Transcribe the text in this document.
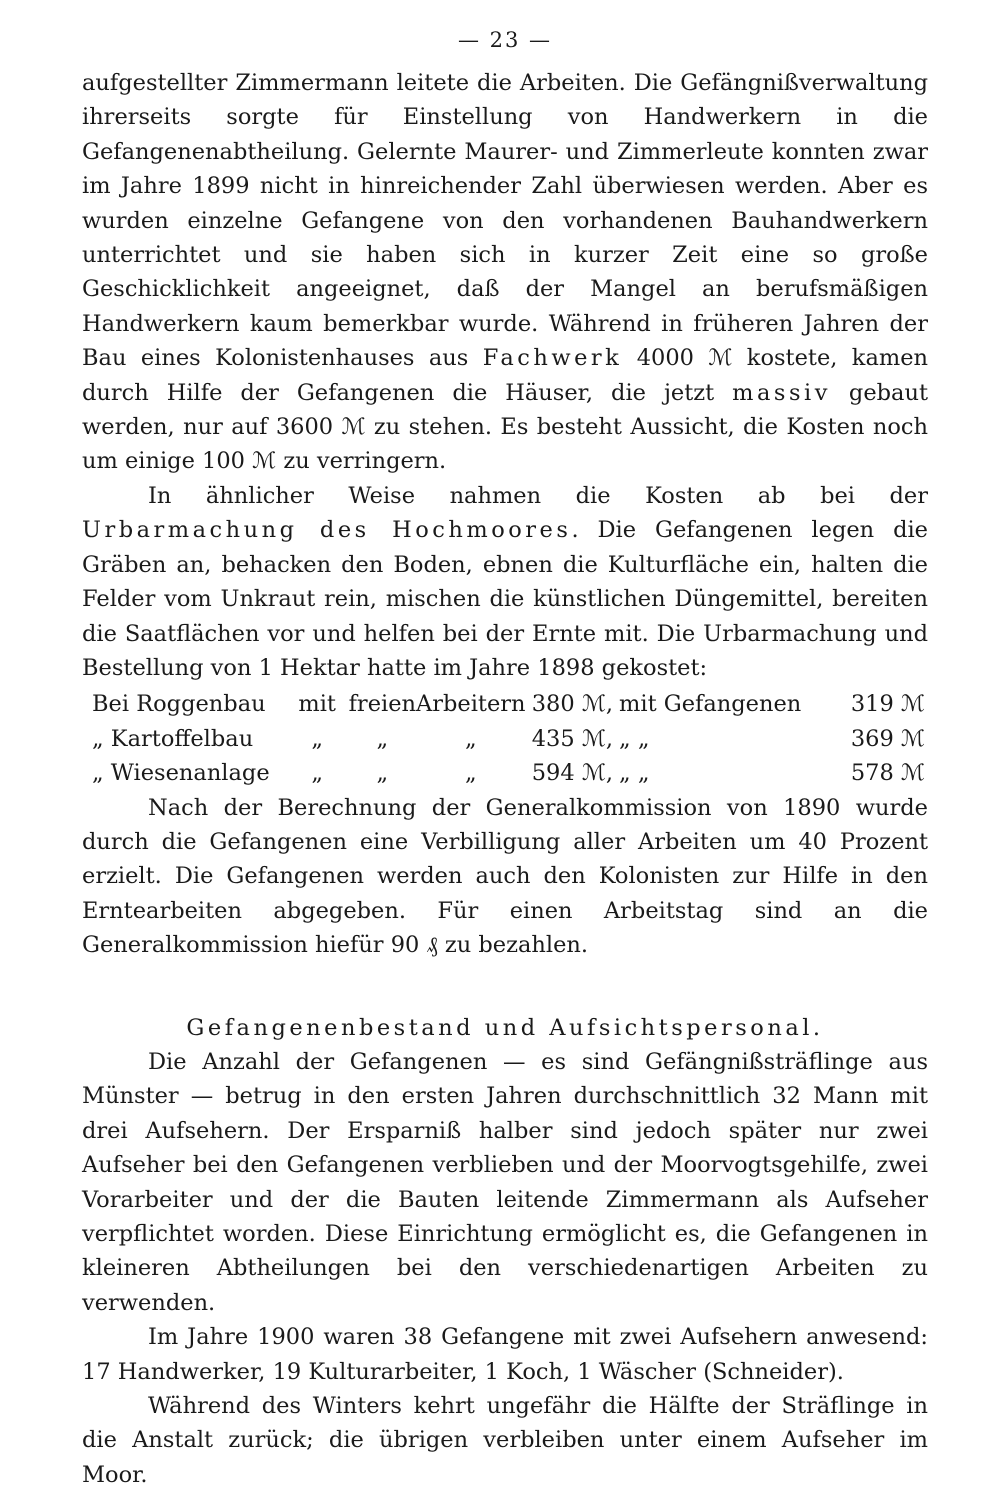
— 23 —

aufgestellter Zimmermann leitete die Arbeiten. Die Gefängnißverwaltung ihrerseits sorgte für Einstellung von Handwerkern in die Gefangenenabtheilung. Gelernte Maurer- und Zimmerleute konnten zwar im Jahre 1899 nicht in hinreichender Zahl überwiesen werden. Aber es wurden einzelne Gefangene von den vorhandenen Bauhandwerkern unterrichtet und sie haben sich in kurzer Zeit eine so große Geschicklichkeit angeeignet, daß der Mangel an berufsmäßigen Handwerkern kaum bemerkbar wurde. Während in früheren Jahren der Bau eines Kolonistenhauses aus Fachwerk 4000 ℳ kostete, kamen durch Hilfe der Gefangenen die Häuser, die jetzt massiv gebaut werden, nur auf 3600 ℳ zu stehen. Es besteht Aussicht, die Kosten noch um einige 100 ℳ zu verringern.

In ähnlicher Weise nahmen die Kosten ab bei der Urbarmachung des Hochmoores. Die Gefangenen legen die Gräben an, behacken den Boden, ebnen die Kulturfläche ein, halten die Felder vom Unkraut rein, mischen die künstlichen Düngemittel, bereiten die Saatflächen vor und helfen bei der Ernte mit. Die Urbarmachung und Bestellung von 1 Hektar hatte im Jahre 1898 gekostet:

Bei Roggenbau	mit	freien	Arbeitern	380 ℳ,	mit Gefangenen	319 ℳ
„ Kartoffelbau	„	„	„	435 ℳ,	„ „	369 ℳ
„ Wiesenanlage	„	„	„	594 ℳ,	„ „	578 ℳ

Nach der Berechnung der Generalkommission von 1890 wurde durch die Gefangenen eine Verbilligung aller Arbeiten um 40 Prozent erzielt. Die Gefangenen werden auch den Kolonisten zur Hilfe in den Erntearbeiten abgegeben. Für einen Arbeitstag sind an die Generalkommission hiefür 90 ₰ zu bezahlen.

Gefangenenbestand und Aufsichtspersonal.

Die Anzahl der Gefangenen — es sind Gefängnißsträflinge aus Münster — betrug in den ersten Jahren durchschnittlich 32 Mann mit drei Aufsehern. Der Ersparniß halber sind jedoch später nur zwei Aufseher bei den Gefangenen verblieben und der Moorvogtsgehilfe, zwei Vorarbeiter und der die Bauten leitende Zimmermann als Aufseher verpflichtet worden. Diese Einrichtung ermöglicht es, die Gefangenen in kleineren Abtheilungen bei den verschiedenartigen Arbeiten zu verwenden.

Im Jahre 1900 waren 38 Gefangene mit zwei Aufsehern anwesend: 17 Handwerker, 19 Kulturarbeiter, 1 Koch, 1 Wäscher (Schneider).

Während des Winters kehrt ungefähr die Hälfte der Sträflinge in die Anstalt zurück; die übrigen verbleiben unter einem Aufseher im Moor.
